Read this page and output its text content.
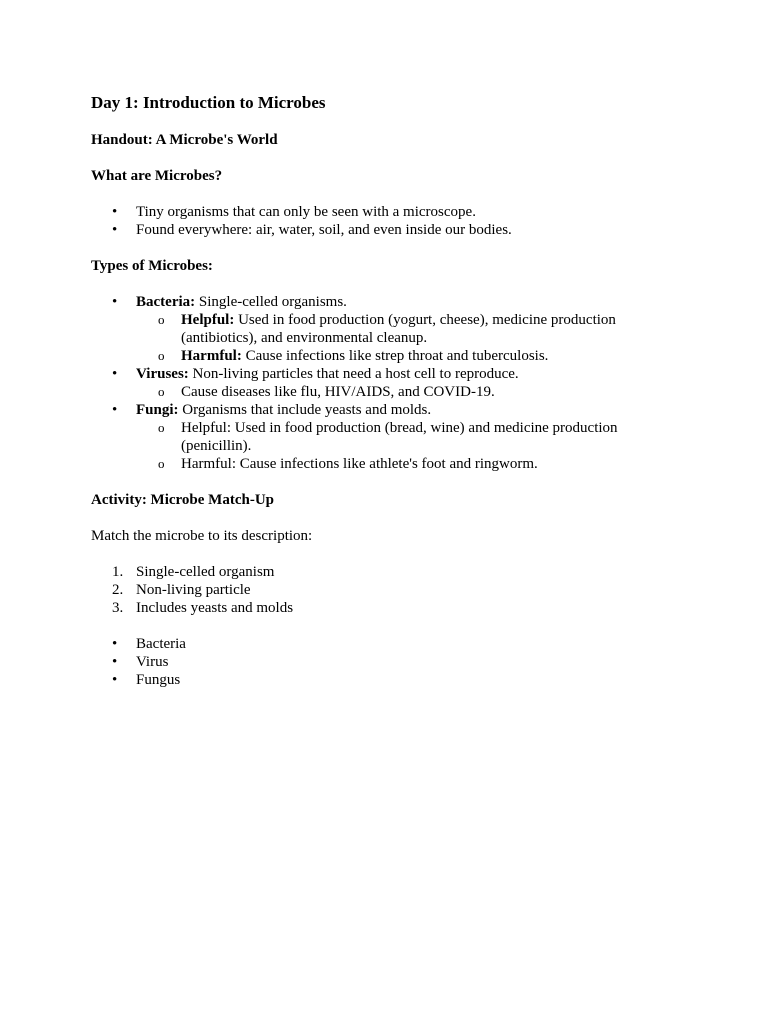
Day 1: Introduction to Microbes

Handout: A Microbe's World

What are Microbes?

• Tiny organisms that can only be seen with a microscope.
• Found everywhere: air, water, soil, and even inside our bodies.

Types of Microbes:

• Bacteria: Single-celled organisms.
o Helpful: Used in food production (yogurt, cheese), medicine production (antibiotics), and environmental cleanup.
o Harmful: Cause infections like strep throat and tuberculosis.
• Viruses: Non-living particles that need a host cell to reproduce.
o Cause diseases like flu, HIV/AIDS, and COVID-19.
• Fungi: Organisms that include yeasts and molds.
o Helpful: Used in food production (bread, wine) and medicine production (penicillin).
o Harmful: Cause infections like athlete's foot and ringworm.

Activity: Microbe Match-Up

Match the microbe to its description:

1. Single-celled organism
2. Non-living particle
3. Includes yeasts and molds
• Bacteria
• Virus
• Fungus
